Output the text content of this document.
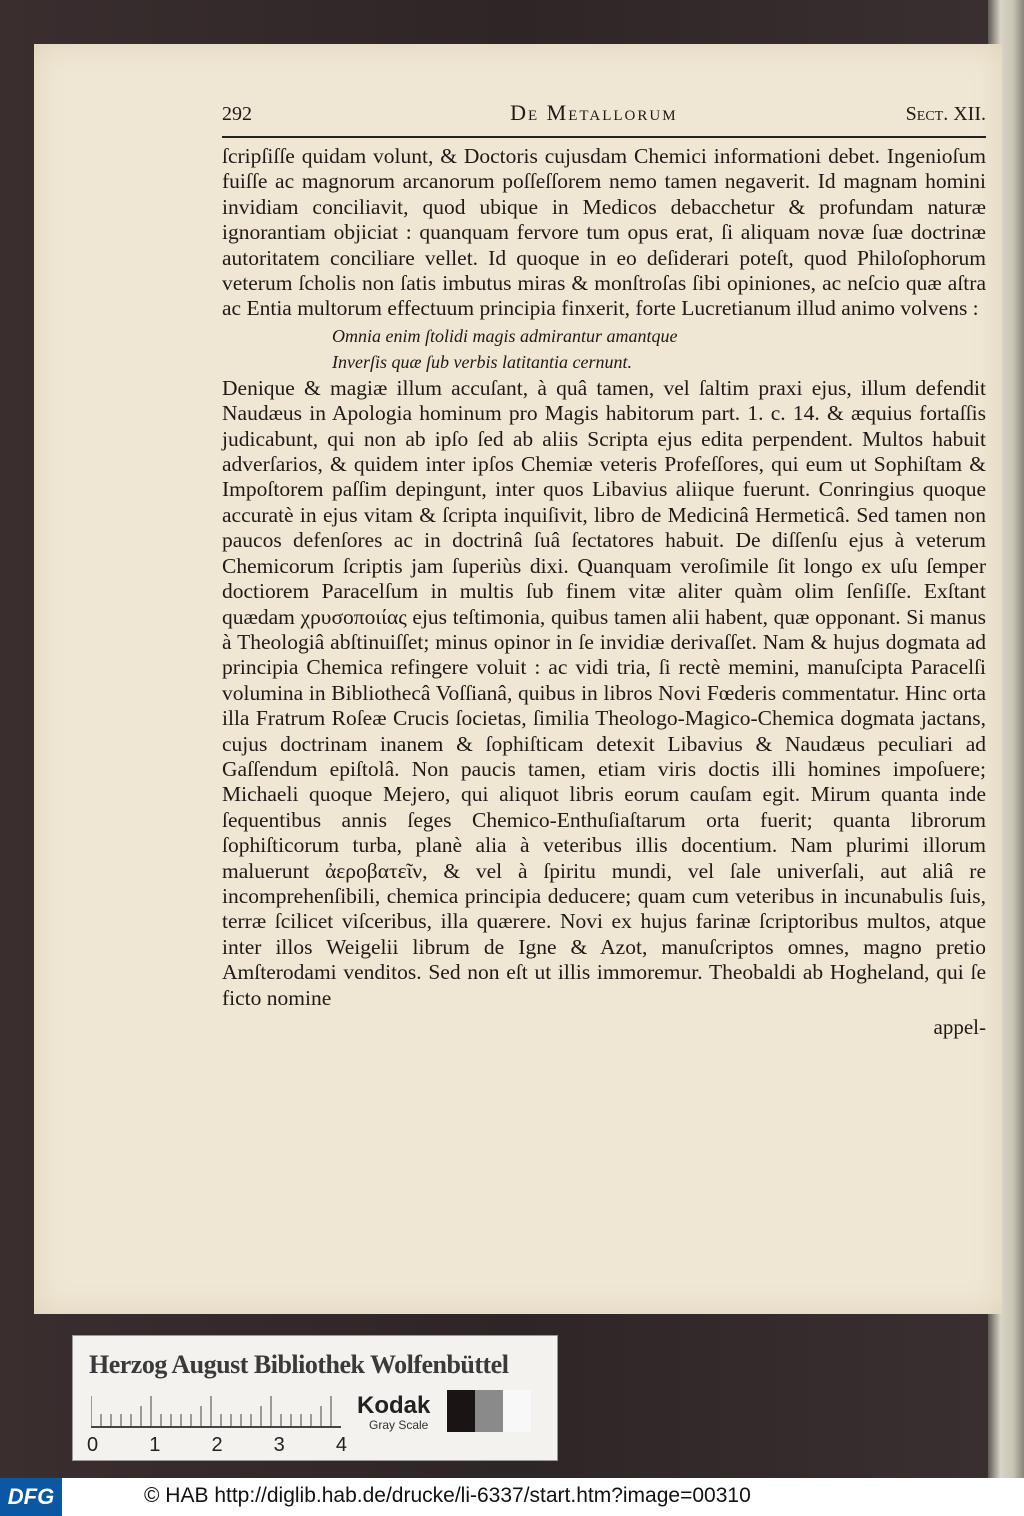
292	De Metallorum	Sect. XII.

ſcripſiſſe quidam volunt, & Doctoris cujusdam Chemici informationi debet. Ingenioſum fuiſſe ac magnorum arcanorum poſſeſſorem nemo tamen negaverit. Id magnam homini invidiam conciliavit, quod ubique in Medicos debacchetur & profundam naturæ ignorantiam objiciat : quanquam fervore tum opus erat, ſi aliquam novæ ſuæ doctrinæ autoritatem conciliare vellet. Id quoque in eo deſiderari poteſt, quod Philoſophorum veterum ſcholis non ſatis imbutus miras & monſtroſas ſibi opiniones, ac neſcio quæ aſtra ac Entia multorum effectuum principia finxerit, forte Lucretianum illud animo volvens :

Omnia enim ſtolidi magis admirantur amantque
Inverſis quæ ſub verbis latitantia cernunt.

Denique & magiæ illum accuſant, à quâ tamen, vel ſaltim praxi ejus, illum defendit Naudæus in Apologia hominum pro Magis habitorum part. 1. c. 14. & æquius fortaſſis judicabunt, qui non ab ipſo ſed ab aliis Scripta ejus edita perpendent. Multos habuit adverſarios, & quidem inter ipſos Chemiæ veteris Profeſſores, qui eum ut Sophiſtam & Impoſtorem paſſim depingunt, inter quos Libavius aliique fuerunt. Conringius quoque accuratè in ejus vitam & ſcripta inquiſivit, libro de Medicinâ Hermeticâ. Sed tamen non paucos defenſores ac in doctrinâ ſuâ ſectatores habuit. De diſſenſu ejus à veterum Chemicorum ſcriptis jam ſuperiùs dixi. Quanquam veroſimile ſit longo ex uſu ſemper doctiorem Paracelſum in multis ſub finem vitæ aliter quàm olim ſenſiſſe. Exſtant quædam χρυσοποιίας ejus teſtimonia, quibus tamen alii habent, quæ opponant. Si manus à Theologiâ abſtinuiſſet; minus opinor in ſe invidiæ derivaſſet. Nam & hujus dogmata ad principia Chemica refingere voluit : ac vidi tria, ſi rectè memini, manuſcipta Paracelſi volumina in Bibliothecâ Voſſianâ, quibus in libros Novi Fœderis commentatur. Hinc orta illa Fratrum Roſeæ Crucis ſocietas, ſimilia Theologo-Magico-Chemica dogmata jactans, cujus doctrinam inanem & ſophiſticam detexit Libavius & Naudæus peculiari ad Gaſſendum epiſtolâ. Non paucis tamen, etiam viris doctis illi homines impoſuere; Michaeli quoque Mejero, qui aliquot libris eorum cauſam egit. Mirum quanta inde ſequentibus annis ſeges Chemico-Enthuſiaſtarum orta fuerit; quanta librorum ſophiſticorum turba, planè alia à veteribus illis docentium. Nam plurimi illorum maluerunt ἀεροβατεῖν, & vel à ſpiritu mundi, vel ſale univerſali, aut aliâ re incomprehenſibili, chemica principia deducere; quam cum veteribus in incunabulis ſuis, terræ ſcilicet viſceribus, illa quærere. Novi ex hujus farinæ ſcriptoribus multos, atque inter illos Weigelii librum de Igne & Azot, manuſcriptos omnes, magno pretio Amſterodami venditos. Sed non eſt ut illis immoremur. Theobaldi ab Hogheland, qui ſe ficto nomine

appel-
Herzog August Bibliothek Wolfenbüttel
0	1	2	3	4
Kodak
Gray Scale
DFG	© HAB http://diglib.hab.de/drucke/li-6337/start.htm?image=00310
